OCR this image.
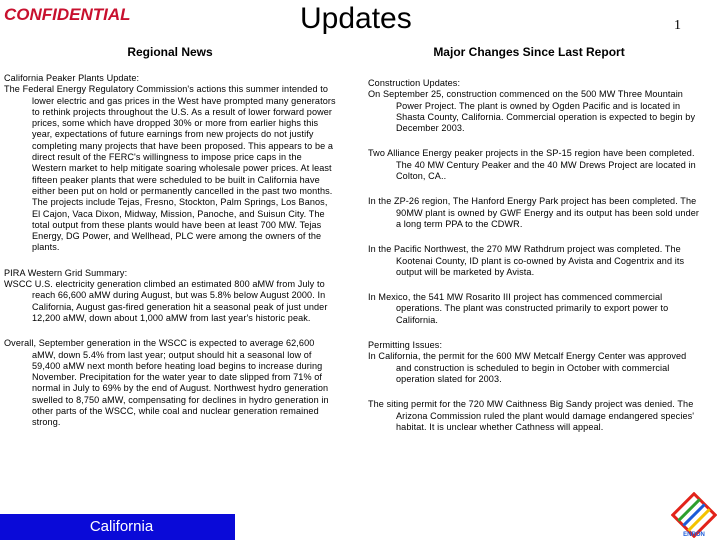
CONFIDENTIAL	Updates	1
Regional News	Major Changes Since Last Report

California Peaker Plants Update:

The Federal Energy Regulatory Commission's actions this summer intended to lower electric and gas prices in the West have prompted many generators to rethink projects throughout the U.S. As a result of lower forward power prices, some which have dropped 30% or more from earlier highs this year, expectations of future earnings from new projects do not justify completing many projects that have been proposed. This appears to be a direct result of the FERC's willingness to impose price caps in the Western market to help mitigate soaring wholesale power prices. At least fifteen peaker plants that were scheduled to be built in California have either been put on hold or permanently cancelled in the past two months. The projects include Tejas, Fresno, Stockton, Palm Springs, Los Banos, El Cajon, Vaca Dixon, Midway, Mission, Panoche, and Suisun City. The total output from these plants would have been at least 700 MW. Tejas Energy, DG Power, and Wellhead, PLC were among the owners of the plants.

PIRA Western Grid Summary:

WSCC U.S. electricity generation climbed an estimated 800 aMW from July to reach 66,600 aMW during August, but was 5.8% below August 2000. In California, August gas-fired generation hit a seasonal peak of just under 12,200 aMW, down about 1,000 aMW from last year's historic peak.

Overall, September generation in the WSCC is expected to average 62,600 aMW, down 5.4% from last year; output should hit a seasonal low of 59,400 aMW next month before heating load begins to increase during November. Precipitation for the water year to date slipped from 71% of normal in July to 69% by the end of August. Northwest hydro generation swelled to 8,750 aMW, compensating for declines in hydro generation in other parts of the WSCC, while coal and nuclear generation remained strong.

Construction Updates:

On September 25, construction commenced on the 500 MW Three Mountain Power Project. The plant is owned by Ogden Pacific and is located in Shasta County, California. Commercial operation is expected to begin by December 2003.

Two Alliance Energy peaker projects in the SP-15 region have been completed. The 40 MW Century Peaker and the 40 MW Drews Project are located in Colton, CA..

In the ZP-26 region, The Hanford Energy Park project has been completed. The 90MW plant is owned by GWF Energy and its output has been sold under a long term PPA to the CDWR.

In the Pacific Northwest, the 270 MW Rathdrum project was completed. The Kootenai County, ID plant is co-owned by Avista and Cogentrix and its output will be marketed by Avista.

In Mexico, the 541 MW Rosarito III project has commenced commercial operations. The plant was constructed primarily to export power to California.

Permitting Issues:

In California, the permit for the 600 MW Metcalf Energy Center was approved and construction is scheduled to begin in October with commercial operation slated for 2003.

The siting permit for the 720 MW Caithness Big Sandy project was denied. The Arizona Commission ruled the plant would damage endangered species' habitat. It is unclear whether Cathness will appeal.

California	ENRON
